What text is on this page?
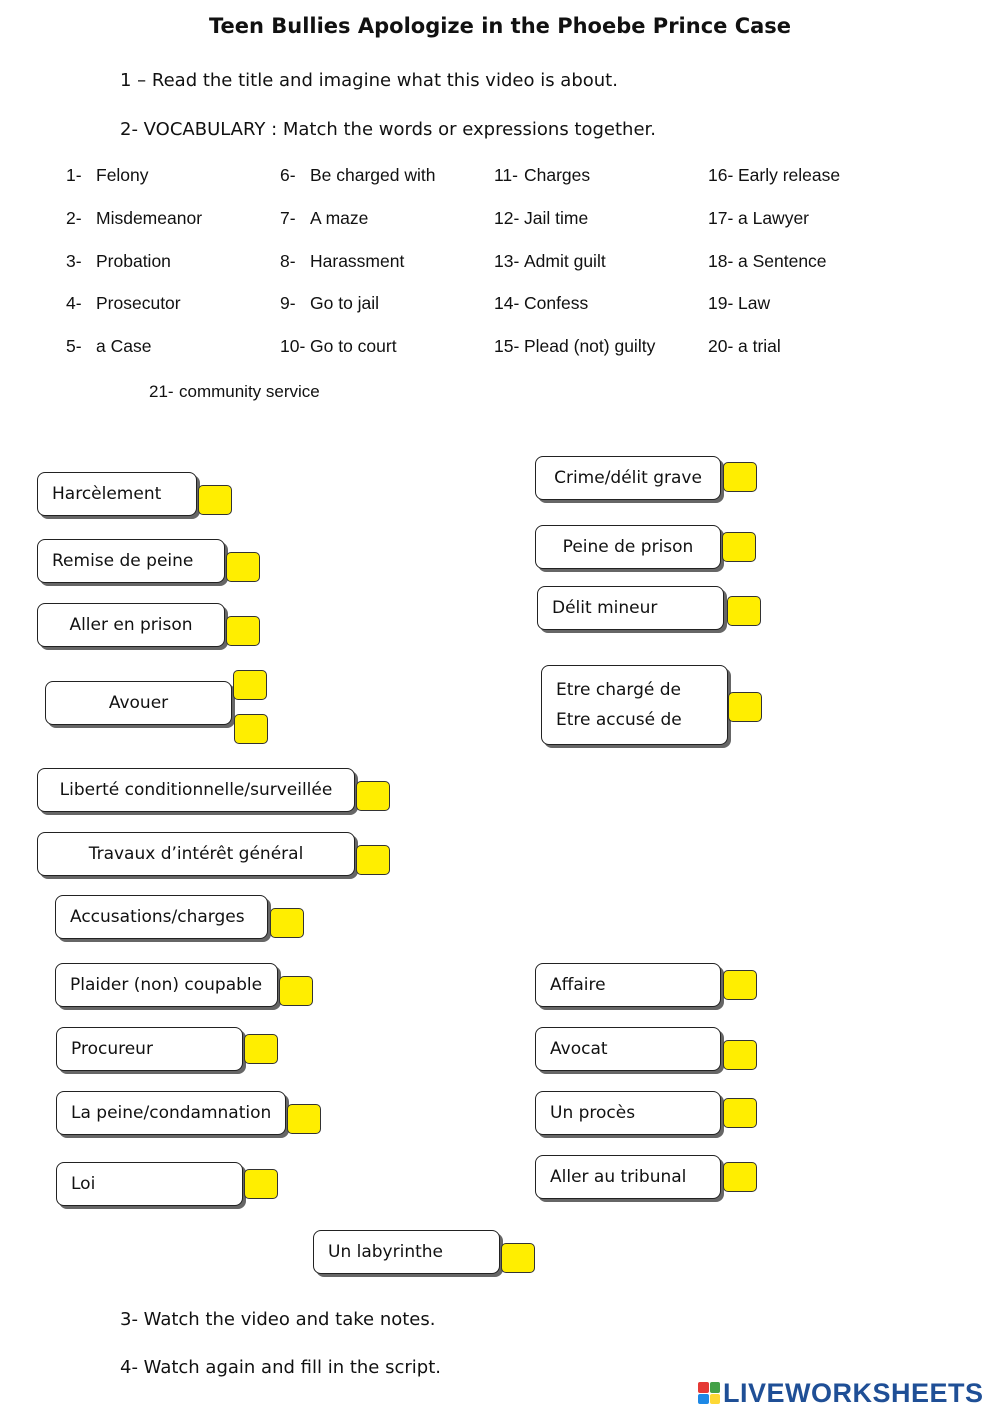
Teen Bullies Apologize in the Phoebe Prince Case
1 – Read the title and imagine what this video is about.
2- VOCABULARY : Match the words or expressions together.
1- Felony
2- Misdemeanor
3- Probation
4- Prosecutor
5- a Case
6- Be charged with
7- A maze
8- Harassment
9- Go to jail
10- Go to court
11- Charges
12- Jail time
13- Admit guilt
14- Confess
15- Plead (not) guilty
16- Early release
17- a Lawyer
18- a Sentence
19- Law
20- a trial
21- community service
Harcèlement
Remise de peine
Aller en prison
Avouer
Liberté conditionnelle/surveillée
Travaux d’intérêt général
Accusations/charges
Plaider (non) coupable
Procureur
La peine/condamnation
Loi
Un labyrinthe
Crime/délit grave
Peine de prison
Délit mineur
Etre chargé de
Etre accusé de
Affaire
Avocat
Un procès
Aller au tribunal
3- Watch the video and take notes.
4- Watch again and fill in the script.
LIVEWORKSHEETS
